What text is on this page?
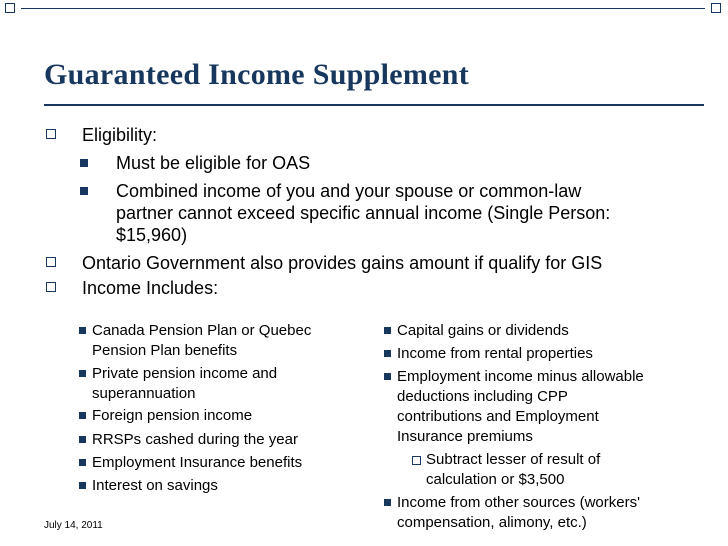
Guaranteed Income Supplement
Eligibility:
Must be eligible for OAS
Combined income of you and your spouse or common-law
partner cannot exceed specific annual income (Single Person:
$15,960)
Ontario Government also provides gains amount if qualify for GIS
Income Includes:
Canada Pension Plan or Quebec
Pension Plan benefits
Private pension income and
superannuation
Foreign pension income
RRSPs cashed during the year
Employment Insurance benefits
Interest on savings
Capital gains or dividends
Income from rental properties
Employment income minus allowable
deductions including CPP
contributions and Employment
Insurance premiums
Subtract lesser of result of
calculation or $3,500
Income from other sources (workers'
compensation, alimony, etc.)
July 14, 2011
